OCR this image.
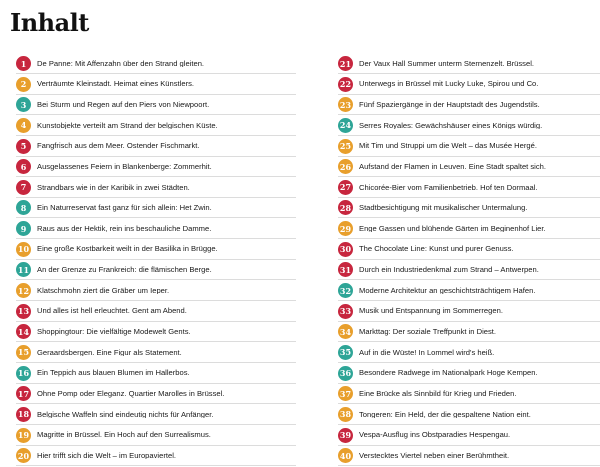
Inhalt
1	De Panne: Mit Affenzahn über den Strand gleiten.
2	Verträumte Kleinstadt. Heimat eines Künstlers.
3	Bei Sturm und Regen auf den Piers von Niewpoort.
4	Kunstobjekte verteilt am Strand der belgischen Küste.
5	Fangfrisch aus dem Meer. Ostender Fischmarkt.
6	Ausgelassenes Feiern in Blankenberge: Zommerhit.
7	Strandbars wie in der Karibik in zwei Städten.
8	Ein Naturreservat fast ganz für sich allein: Het Zwin.
9	Raus aus der Hektik, rein ins beschauliche Damme.
10 Eine große Kostbarkeit weilt in der Basilika in Brügge.
11 An der Grenze zu Frankreich: die flämischen Berge.
12 Klatschmohn ziert die Gräber um Ieper.
13 Und alles ist hell erleuchtet. Gent am Abend.
14 Shoppingtour: Die vielfältige Modewelt Gents.
15 Geraardsbergen. Eine Figur als Statement.
16 Ein Teppich aus blauen Blumen im Hallerbos.
17 Ohne Pomp oder Eleganz. Quartier Marolles in Brüssel.
18 Belgische Waffeln sind eindeutig nichts für Anfänger.
19 Magritte in Brüssel. Ein Hoch auf den Surrealismus.
20 Hier trifft sich die Welt – im Europaviertel.
21 Der Vaux Hall Summer unterm Sternenzelt. Brüssel.
22 Unterwegs in Brüssel mit Lucky Luke, Spirou und Co.
23 Fünf Spaziergänge in der Hauptstadt des Jugendstils.
24 Serres Royales: Gewächshäuser eines Königs würdig.
25 Mit Tim und Struppi um die Welt – das Musée Hergé.
26 Aufstand der Flamen in Leuven. Eine Stadt spaltet sich.
27 Chicorée-Bier vom Familienbetrieb. Hof ten Dormaal.
28 Stadtbesichtigung mit musikalischer Untermalung.
29 Enge Gassen und blühende Gärten im Beginenhof Lier.
30 The Chocolate Line: Kunst und purer Genuss.
31 Durch ein Industriedenkmal zum Strand – Antwerpen.
32 Moderne Architektur an geschichtsträchtigem Hafen.
33 Musik und Entspannung im Sommerregen.
34 Markttag: Der soziale Treffpunkt in Diest.
35 Auf in die Wüste! In Lommel wird's heiß.
36 Besondere Radwege im Nationalpark Hoge Kempen.
37 Eine Brücke als Sinnbild für Krieg und Frieden.
38 Tongeren: Ein Held, der die gespaltene Nation eint.
39 Vespa-Ausflug ins Obstparadies Hespengau.
40 Verstecktes Viertel neben einer Berühmtheit.
